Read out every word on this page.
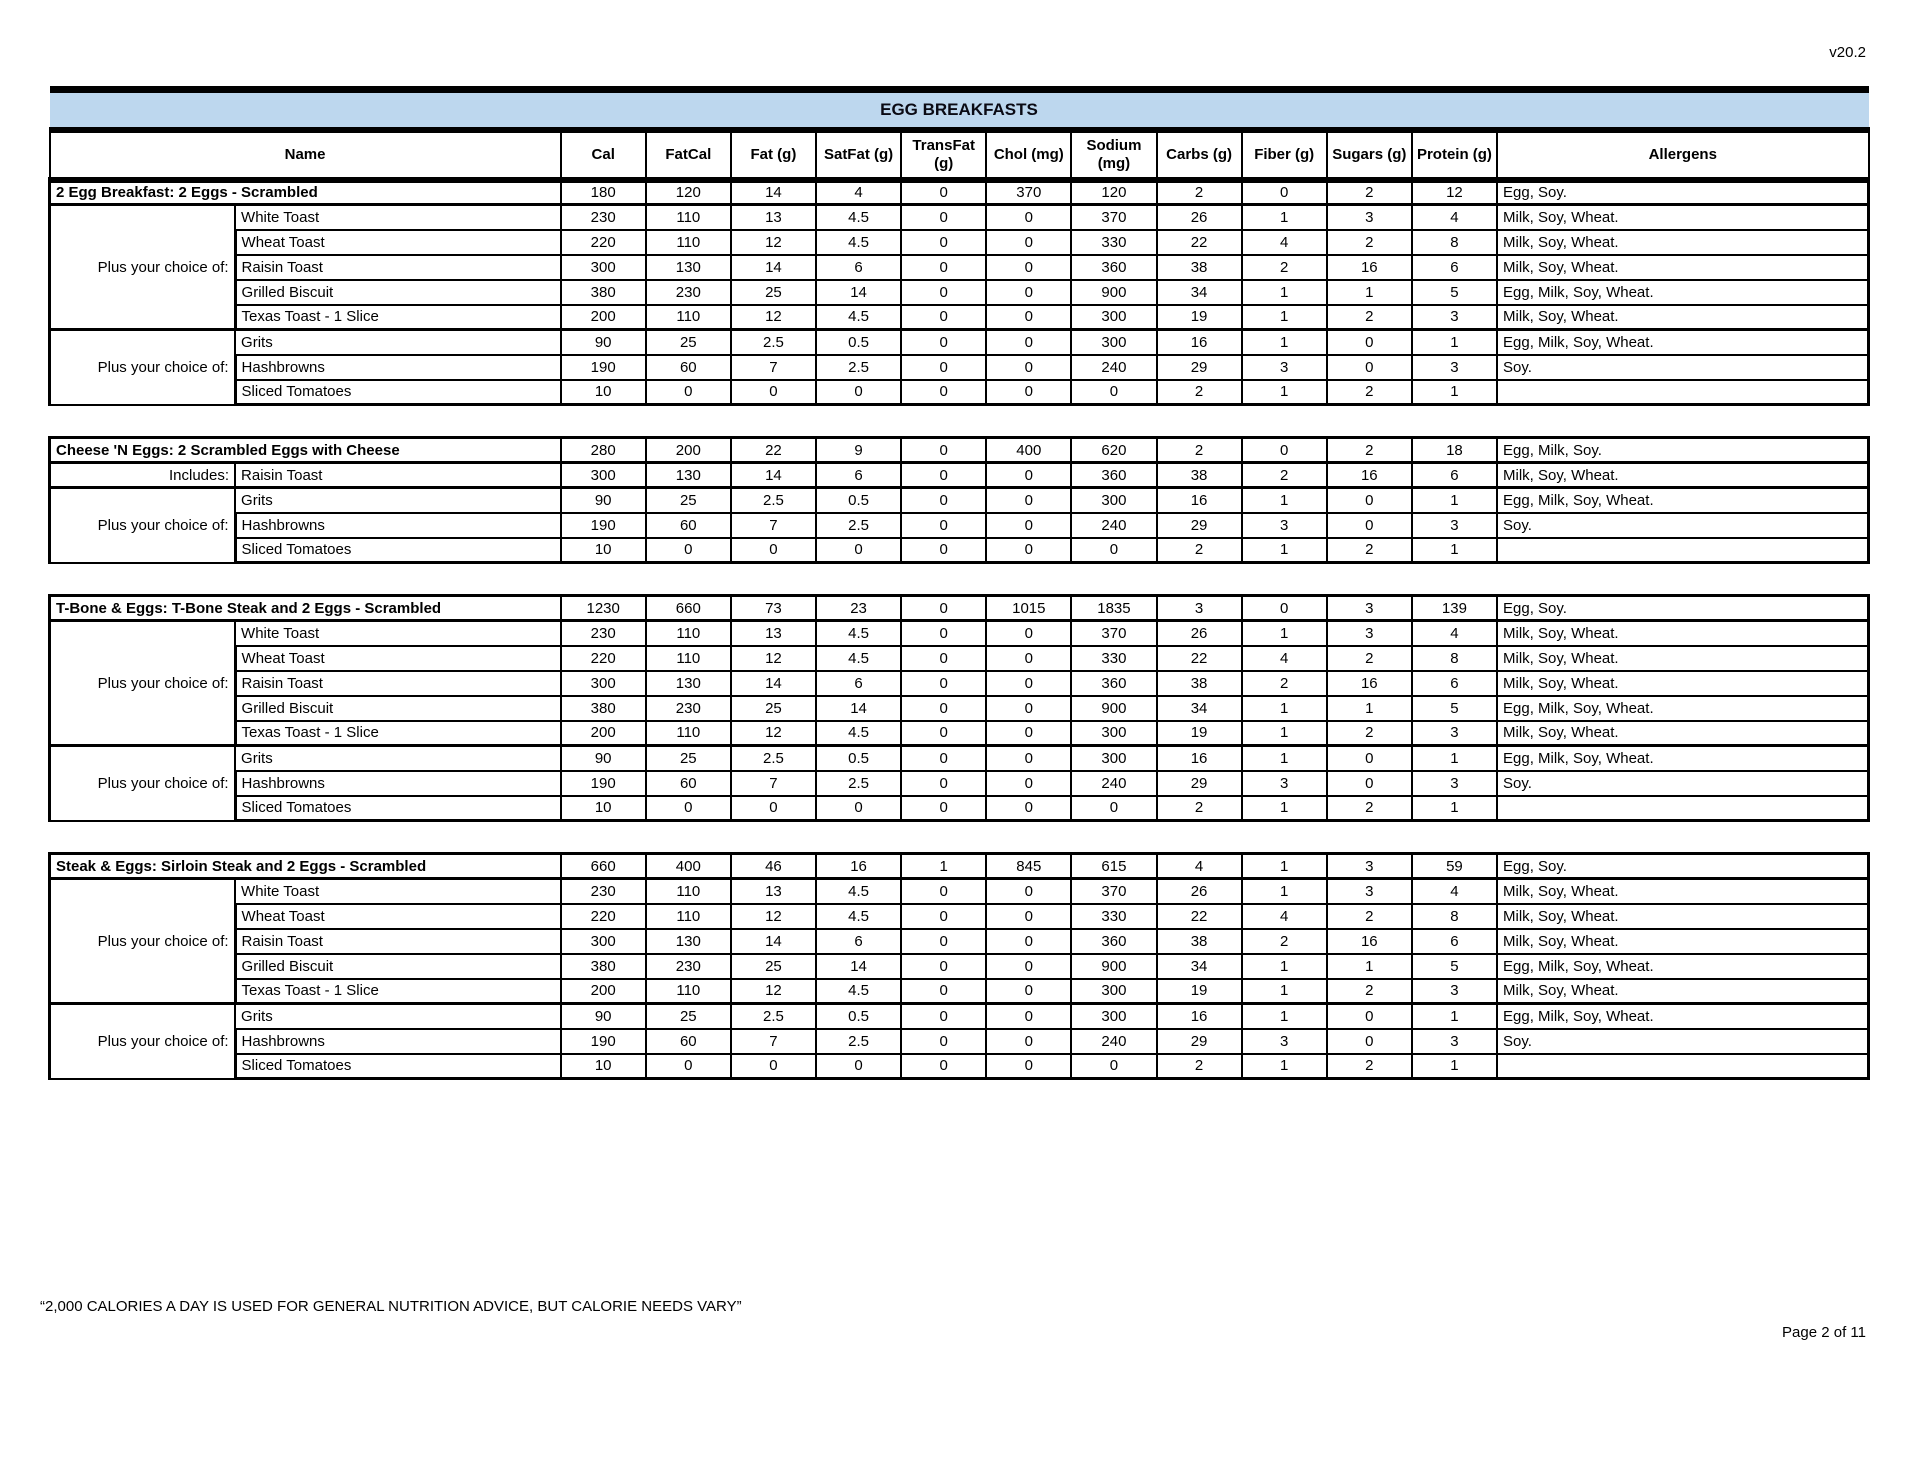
v20.2
EGG BREAKFASTS													
Name		Cal	FatCal	Fat (g)	SatFat (g)	TransFat (g)	Chol (mg)	Sodium (mg)	Carbs (g)	Fiber (g)	Sugars (g)	Protein (g)	Allergens
2 Egg Breakfast: 2 Eggs - Scrambled		180	120	14	4	0	370	120	2	0	2	12	Egg, Soy.
Plus your choice of:	White Toast	230	110	13	4.5	0	0	370	26	1	3	4	Milk, Soy, Wheat.
	Wheat Toast	220	110	12	4.5	0	0	330	22	4	2	8	Milk, Soy, Wheat.
	Raisin Toast	300	130	14	6	0	0	360	38	2	16	6	Milk, Soy, Wheat.
	Grilled Biscuit	380	230	25	14	0	0	900	34	1	1	5	Egg, Milk, Soy, Wheat.
	Texas Toast - 1 Slice	200	110	12	4.5	0	0	300	19	1	2	3	Milk, Soy, Wheat.
Plus your choice of:	Grits	90	25	2.5	0.5	0	0	300	16	1	0	1	Egg, Milk, Soy, Wheat.
	Hashbrowns	190	60	7	2.5	0	0	240	29	3	0	3	Soy.
	Sliced Tomatoes	10	0	0	0	0	0	0	2	1	2	1	

Cheese 'N Eggs: 2 Scrambled Eggs with Cheese		280	200	22	9	0	400	620	2	0	2	18	Egg, Milk, Soy.
Includes:	Raisin Toast	300	130	14	6	0	0	360	38	2	16	6	Milk, Soy, Wheat.
Plus your choice of:	Grits	90	25	2.5	0.5	0	0	300	16	1	0	1	Egg, Milk, Soy, Wheat.
	Hashbrowns	190	60	7	2.5	0	0	240	29	3	0	3	Soy.
	Sliced Tomatoes	10	0	0	0	0	0	0	2	1	2	1	

T-Bone & Eggs: T-Bone Steak and 2 Eggs - Scrambled		1230	660	73	23	0	1015	1835	3	0	3	139	Egg, Soy.
Plus your choice of:	White Toast	230	110	13	4.5	0	0	370	26	1	3	4	Milk, Soy, Wheat.
	Wheat Toast	220	110	12	4.5	0	0	330	22	4	2	8	Milk, Soy, Wheat.
	Raisin Toast	300	130	14	6	0	0	360	38	2	16	6	Milk, Soy, Wheat.
	Grilled Biscuit	380	230	25	14	0	0	900	34	1	1	5	Egg, Milk, Soy, Wheat.
	Texas Toast - 1 Slice	200	110	12	4.5	0	0	300	19	1	2	3	Milk, Soy, Wheat.
Plus your choice of:	Grits	90	25	2.5	0.5	0	0	300	16	1	0	1	Egg, Milk, Soy, Wheat.
	Hashbrowns	190	60	7	2.5	0	0	240	29	3	0	3	Soy.
	Sliced Tomatoes	10	0	0	0	0	0	0	2	1	2	1	

Steak & Eggs: Sirloin Steak and 2 Eggs - Scrambled		660	400	46	16	1	845	615	4	1	3	59	Egg, Soy.
Plus your choice of:	White Toast	230	110	13	4.5	0	0	370	26	1	3	4	Milk, Soy, Wheat.
	Wheat Toast	220	110	12	4.5	0	0	330	22	4	2	8	Milk, Soy, Wheat.
	Raisin Toast	300	130	14	6	0	0	360	38	2	16	6	Milk, Soy, Wheat.
	Grilled Biscuit	380	230	25	14	0	0	900	34	1	1	5	Egg, Milk, Soy, Wheat.
	Texas Toast - 1 Slice	200	110	12	4.5	0	0	300	19	1	2	3	Milk, Soy, Wheat.
Plus your choice of:	Grits	90	25	2.5	0.5	0	0	300	16	1	0	1	Egg, Milk, Soy, Wheat.
	Hashbrowns	190	60	7	2.5	0	0	240	29	3	0	3	Soy.
	Sliced Tomatoes	10	0	0	0	0	0	0	2	1	2	1	
“2,000 CALORIES A DAY IS USED FOR GENERAL NUTRITION ADVICE, BUT CALORIE NEEDS VARY”
Page 2 of 11
